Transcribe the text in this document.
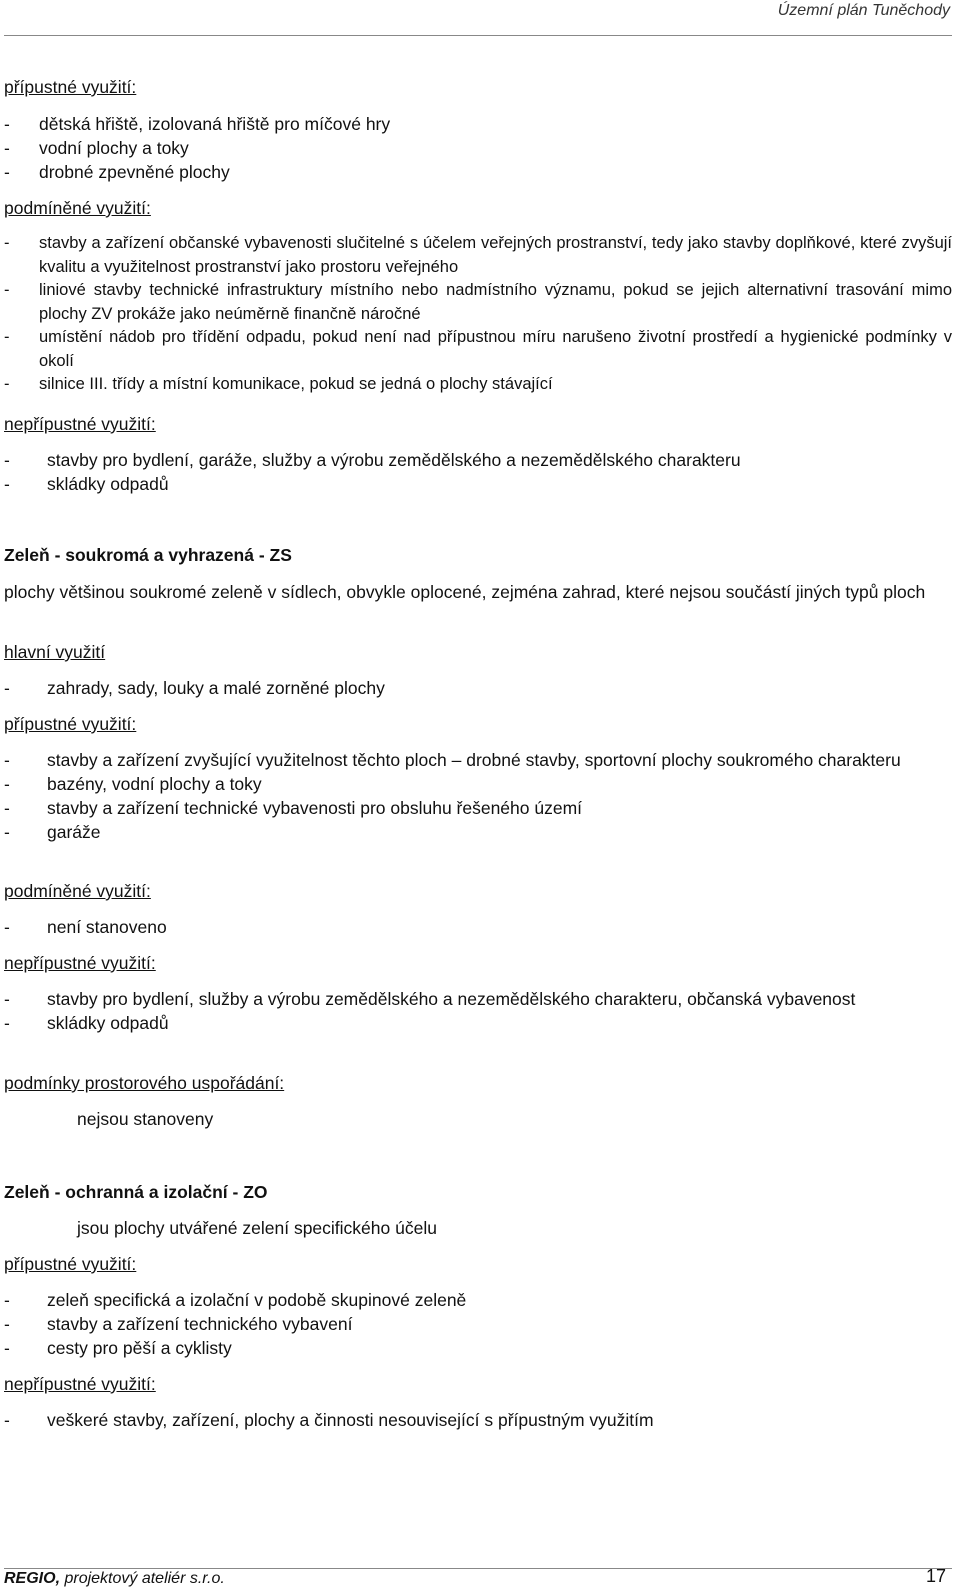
Územní plán Tuněchody
přípustné využití:
- dětská hřiště, izolovaná hřiště pro míčové hry
- vodní plochy a toky
- drobné zpevněné plochy
podmíněné využití:
- stavby a zařízení občanské vybavenosti slučitelné s účelem veřejných prostranství, tedy jako stavby doplňkové, které zvyšují kvalitu a využitelnost prostranství jako prostoru veřejného
- liniové stavby technické infrastruktury místního nebo nadmístního významu, pokud se jejich alternativní trasování mimo plochy ZV prokáže jako neúměrně finančně náročné
- umístění nádob pro třídění odpadu, pokud není nad přípustnou míru narušeno životní prostředí a hygienické podmínky v okolí
- silnice III. třídy a místní komunikace, pokud se jedná o plochy stávající
nepřípustné využití:
- stavby pro bydlení, garáže, služby a výrobu zemědělského a nezemědělského charakteru
- skládky odpadů
Zeleň - soukromá a vyhrazená - ZS
plochy většinou soukromé zeleně v sídlech, obvykle oplocené, zejména zahrad, které nejsou součástí jiných typů ploch
hlavní využití
- zahrady, sady, louky a malé zorněné plochy
přípustné využití:
- stavby a zařízení zvyšující využitelnost těchto ploch – drobné stavby, sportovní plochy soukromého charakteru
- bazény, vodní plochy a toky
- stavby a zařízení technické vybavenosti pro obsluhu řešeného území
- garáže
podmíněné využití:
- není stanoveno
nepřípustné využití:
- stavby pro bydlení, služby a výrobu zemědělského a nezemědělského charakteru, občanská vybavenost
- skládky odpadů
podmínky prostorového uspořádání:
nejsou stanoveny
Zeleň - ochranná a izolační - ZO
jsou plochy utvářené zelení specifického účelu
přípustné využití:
- zeleň specifická a izolační v podobě skupinové zeleně
- stavby a zařízení technického vybavení
- cesty pro pěší a cyklisty
nepřípustné využití:
- veškeré stavby, zařízení, plochy a činnosti nesouvisející s přípustným využitím
REGIO, projektový ateliér s.r.o.	17
